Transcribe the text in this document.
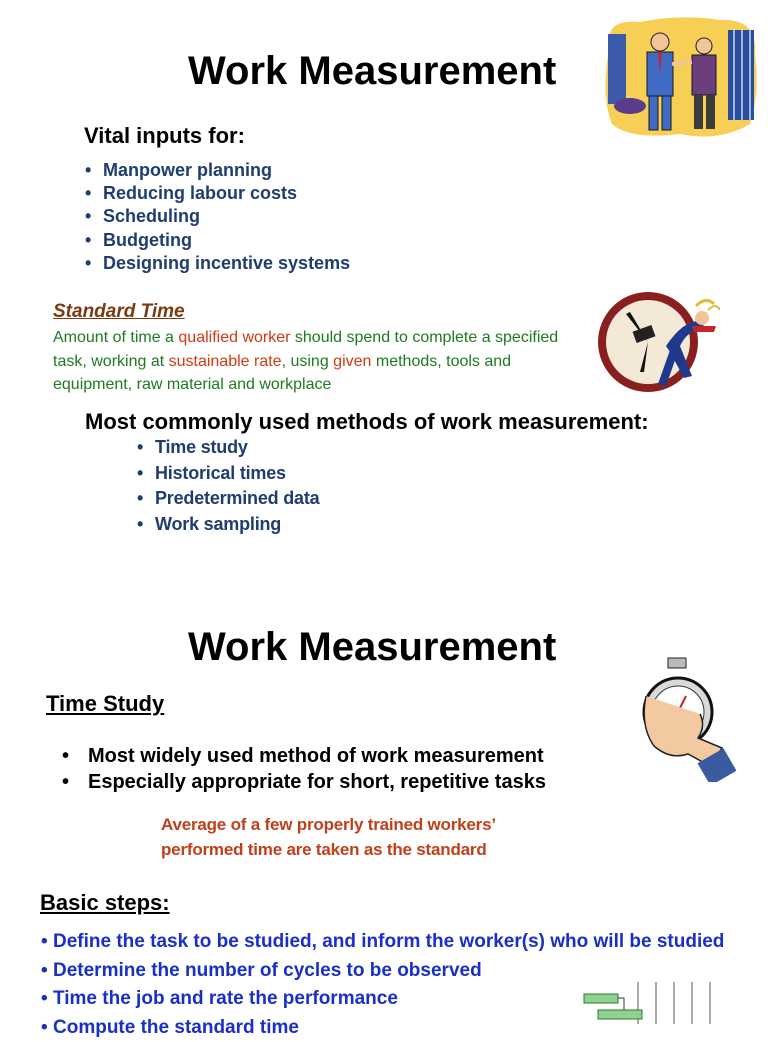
Work Measurement
Vital inputs for:
• Manpower planning
• Reducing labour costs
• Scheduling
• Budgeting
• Designing incentive systems
Standard Time
Amount of time a qualified worker should spend to complete a specified task, working at sustainable rate, using given methods, tools and equipment, raw material and workplace
Most commonly used methods of work measurement:
• Time study
• Historical times
• Predetermined data
• Work sampling
Work Measurement
Time Study
• Most widely used method of work measurement
• Especially appropriate for short, repetitive tasks
Average of a few properly trained workers’
performed time are taken as the standard
Basic steps:
• Define the task to be studied, and inform the worker(s) who will be studied
• Determine the number of cycles to be observed
• Time the job and rate the performance
• Compute the standard time
